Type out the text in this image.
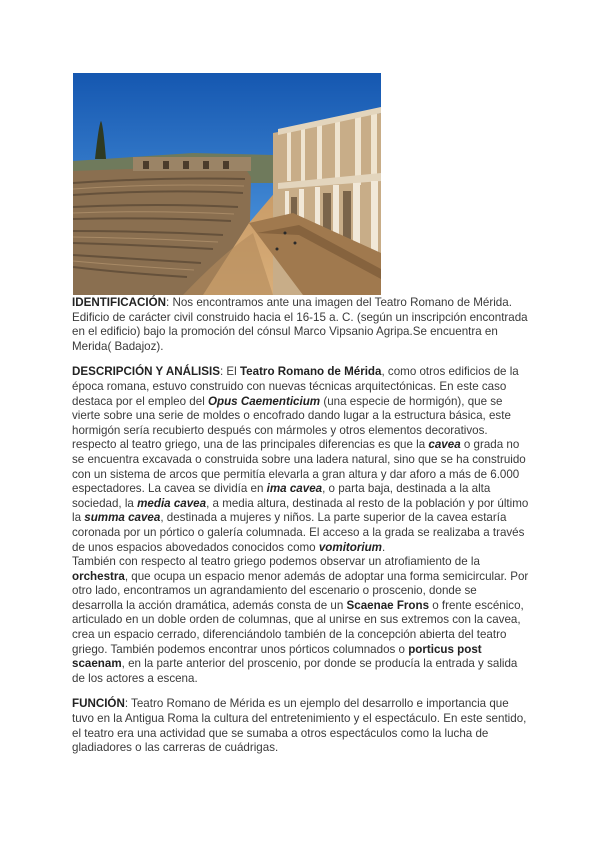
IDENTIFICACIÓN: Nos encontramos ante una imagen del Teatro Romano de Mérida. Edificio de carácter civil construido hacia el 16-15 a. C. (según un inscripción encontrada en el edificio) bajo la promoción del cónsul Marco Vipsanio Agripa.Se encuentra en Merida( Badajoz).

DESCRIPCIÓN Y ANÁLISIS: El Teatro Romano de Mérida, como otros edificios de la época romana, estuvo construido con nuevas técnicas arquitectónicas. En este caso destaca por el empleo del Opus Caementicium (una especie de hormigón), que se vierte sobre una serie de moldes o encofrado dando lugar a la estructura básica, este hormigón sería recubierto después con mármoles y otros elementos decorativos.

respecto al teatro griego, una de las principales diferencias es que la cavea o grada no se encuentra excavada o construida sobre una ladera natural, sino que se ha construido con un sistema de arcos que permitía elevarla a gran altura y dar aforo a más de 6.000 espectadores. La cavea se dividía en ima cavea, o parta baja, destinada a la alta sociedad, la media cavea, a media altura, destinada al resto de la población y por último la summa cavea, destinada a mujeres y niños. La parte superior de la cavea estaría coronada por un pórtico o galería columnada. El acceso a la grada se realizaba a través de unos espacios abovedados conocidos como vomitorium.

También con respecto al teatro griego podemos observar un atrofiamiento de la orchestra, que ocupa un espacio menor además de adoptar una forma semicircular. Por otro lado, encontramos un agrandamiento del escenario o proscenio, donde se desarrolla la acción dramática, además consta de un Scaenae Frons o frente escénico, articulado en un doble orden de columnas, que al unirse en sus extremos con la cavea, crea un espacio cerrado, diferenciándolo también de la concepción abierta del teatro griego. También podemos encontrar unos pórticos columnados o porticus post scaenam, en la parte anterior del proscenio, por donde se producía la entrada y salida de los actores a escena.

FUNCIÓN: Teatro Romano de Mérida es un ejemplo del desarrollo e importancia que tuvo en la Antigua Roma la cultura del entretenimiento y el espectáculo. En este sentido, el teatro era una actividad que se sumaba a otros espectáculos como la lucha de gladiadores o las carreras de cuádrigas.
